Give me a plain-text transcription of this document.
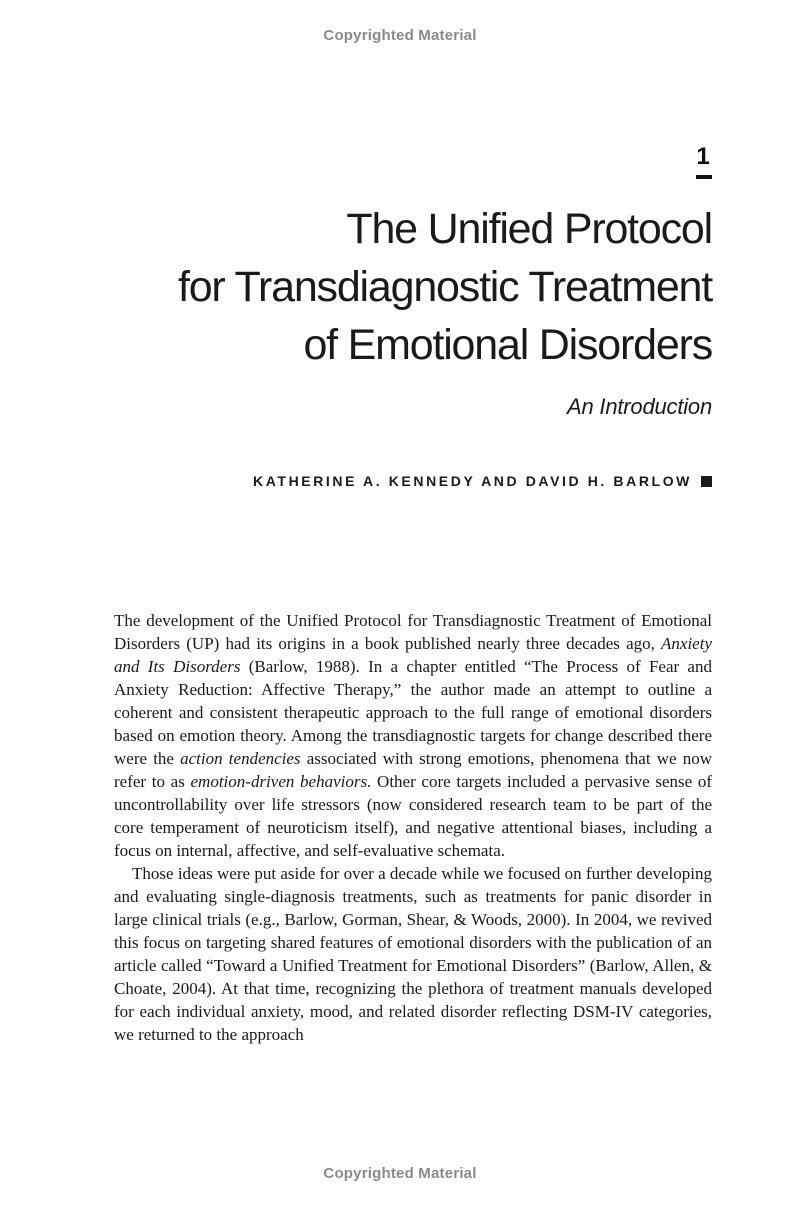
Copyrighted Material
1
The Unified Protocol
for Transdiagnostic Treatment
of Emotional Disorders
An Introduction
KATHERINE A. KENNEDY AND DAVID H. BARLOW

The development of the Unified Protocol for Transdiagnostic Treatment of Emotional Disorders (UP) had its origins in a book published nearly three decades ago, Anxiety and Its Disorders (Barlow, 1988). In a chapter entitled “The Process of Fear and Anxiety Reduction: Affective Therapy,” the author made an attempt to outline a coherent and consistent therapeutic approach to the full range of emotional disorders based on emotion theory. Among the transdiagnostic targets for change described there were the action tendencies associated with strong emotions, phenomena that we now refer to as emotion-driven behaviors. Other core targets included a pervasive sense of uncontrollability over life stressors (now considered research team to be part of the core temperament of neuroticism itself), and negative attentional biases, including a focus on internal, affective, and self-evaluative schemata.

Those ideas were put aside for over a decade while we focused on further developing and evaluating single-diagnosis treatments, such as treatments for panic disorder in large clinical trials (e.g., Barlow, Gorman, Shear, & Woods, 2000). In 2004, we revived this focus on targeting shared features of emotional disorders with the publication of an article called “Toward a Unified Treatment for Emotional Disorders” (Barlow, Allen, & Choate, 2004). At that time, recognizing the plethora of treatment manuals developed for each individual anxiety, mood, and related disorder reflecting DSM-IV categories, we returned to the approach

Copyrighted Material
